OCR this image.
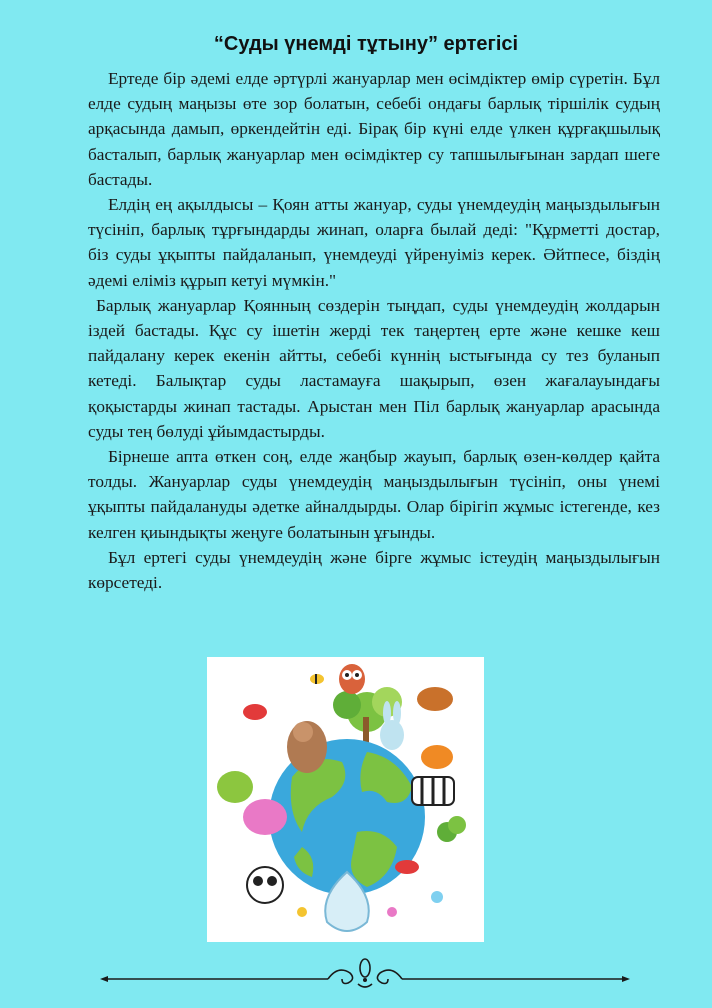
“Суды үнемді тұтыну” ертегісі

Ертеде бір әдемі елде әртүрлі жануарлар мен өсімдіктер өмір сүретін. Бұл елде судың маңызы өте зор болатын, себебі ондағы барлық тіршілік судың арқасында дамып, өркендейтін еді. Бірақ бір күні елде үлкен құрғақшылық басталып, барлық жануарлар мен өсімдіктер су тапшылығынан зардап шеге бастады.

Елдің ең ақылдысы – Қоян атты жануар, суды үнемдеудің маңыздылығын түсініп, барлық тұрғындарды жинап, оларға былай деді: "Құрметті достар, біз суды ұқыпты пайдаланып, үнемдеуді үйренуіміз керек. Әйтпесе, біздің әдемі еліміз құрып кетуі мүмкін."

Барлық жануарлар Қоянның сөздерін тыңдап, суды үнемдеудің жолдарын іздей бастады. Құс су ішетін жерді тек таңертең ерте және кешке кеш пайдалану керек екенін айтты, себебі күннің ыстығында су тез буланып кетеді. Балықтар суды ластамауға шақырып, өзен жағалауындағы қоқыстарды жинап тастады. Арыстан мен Піл барлық жануарлар арасында суды тең бөлуді ұйымдастырды.

Бірнеше апта өткен соң, елде жаңбыр жауып, барлық өзен-көлдер қайта толды. Жануарлар суды үнемдеудің маңыздылығын түсініп, оны үнемі ұқыпты пайдалануды әдетке айналдырды. Олар бірігіп жұмыс істегенде, кез келген қиындықты жеңуге болатынын ұғынды.

Бұл ертегі суды үнемдеудің және бірге жұмыс істеудің маңыздылығын көрсетеді.
